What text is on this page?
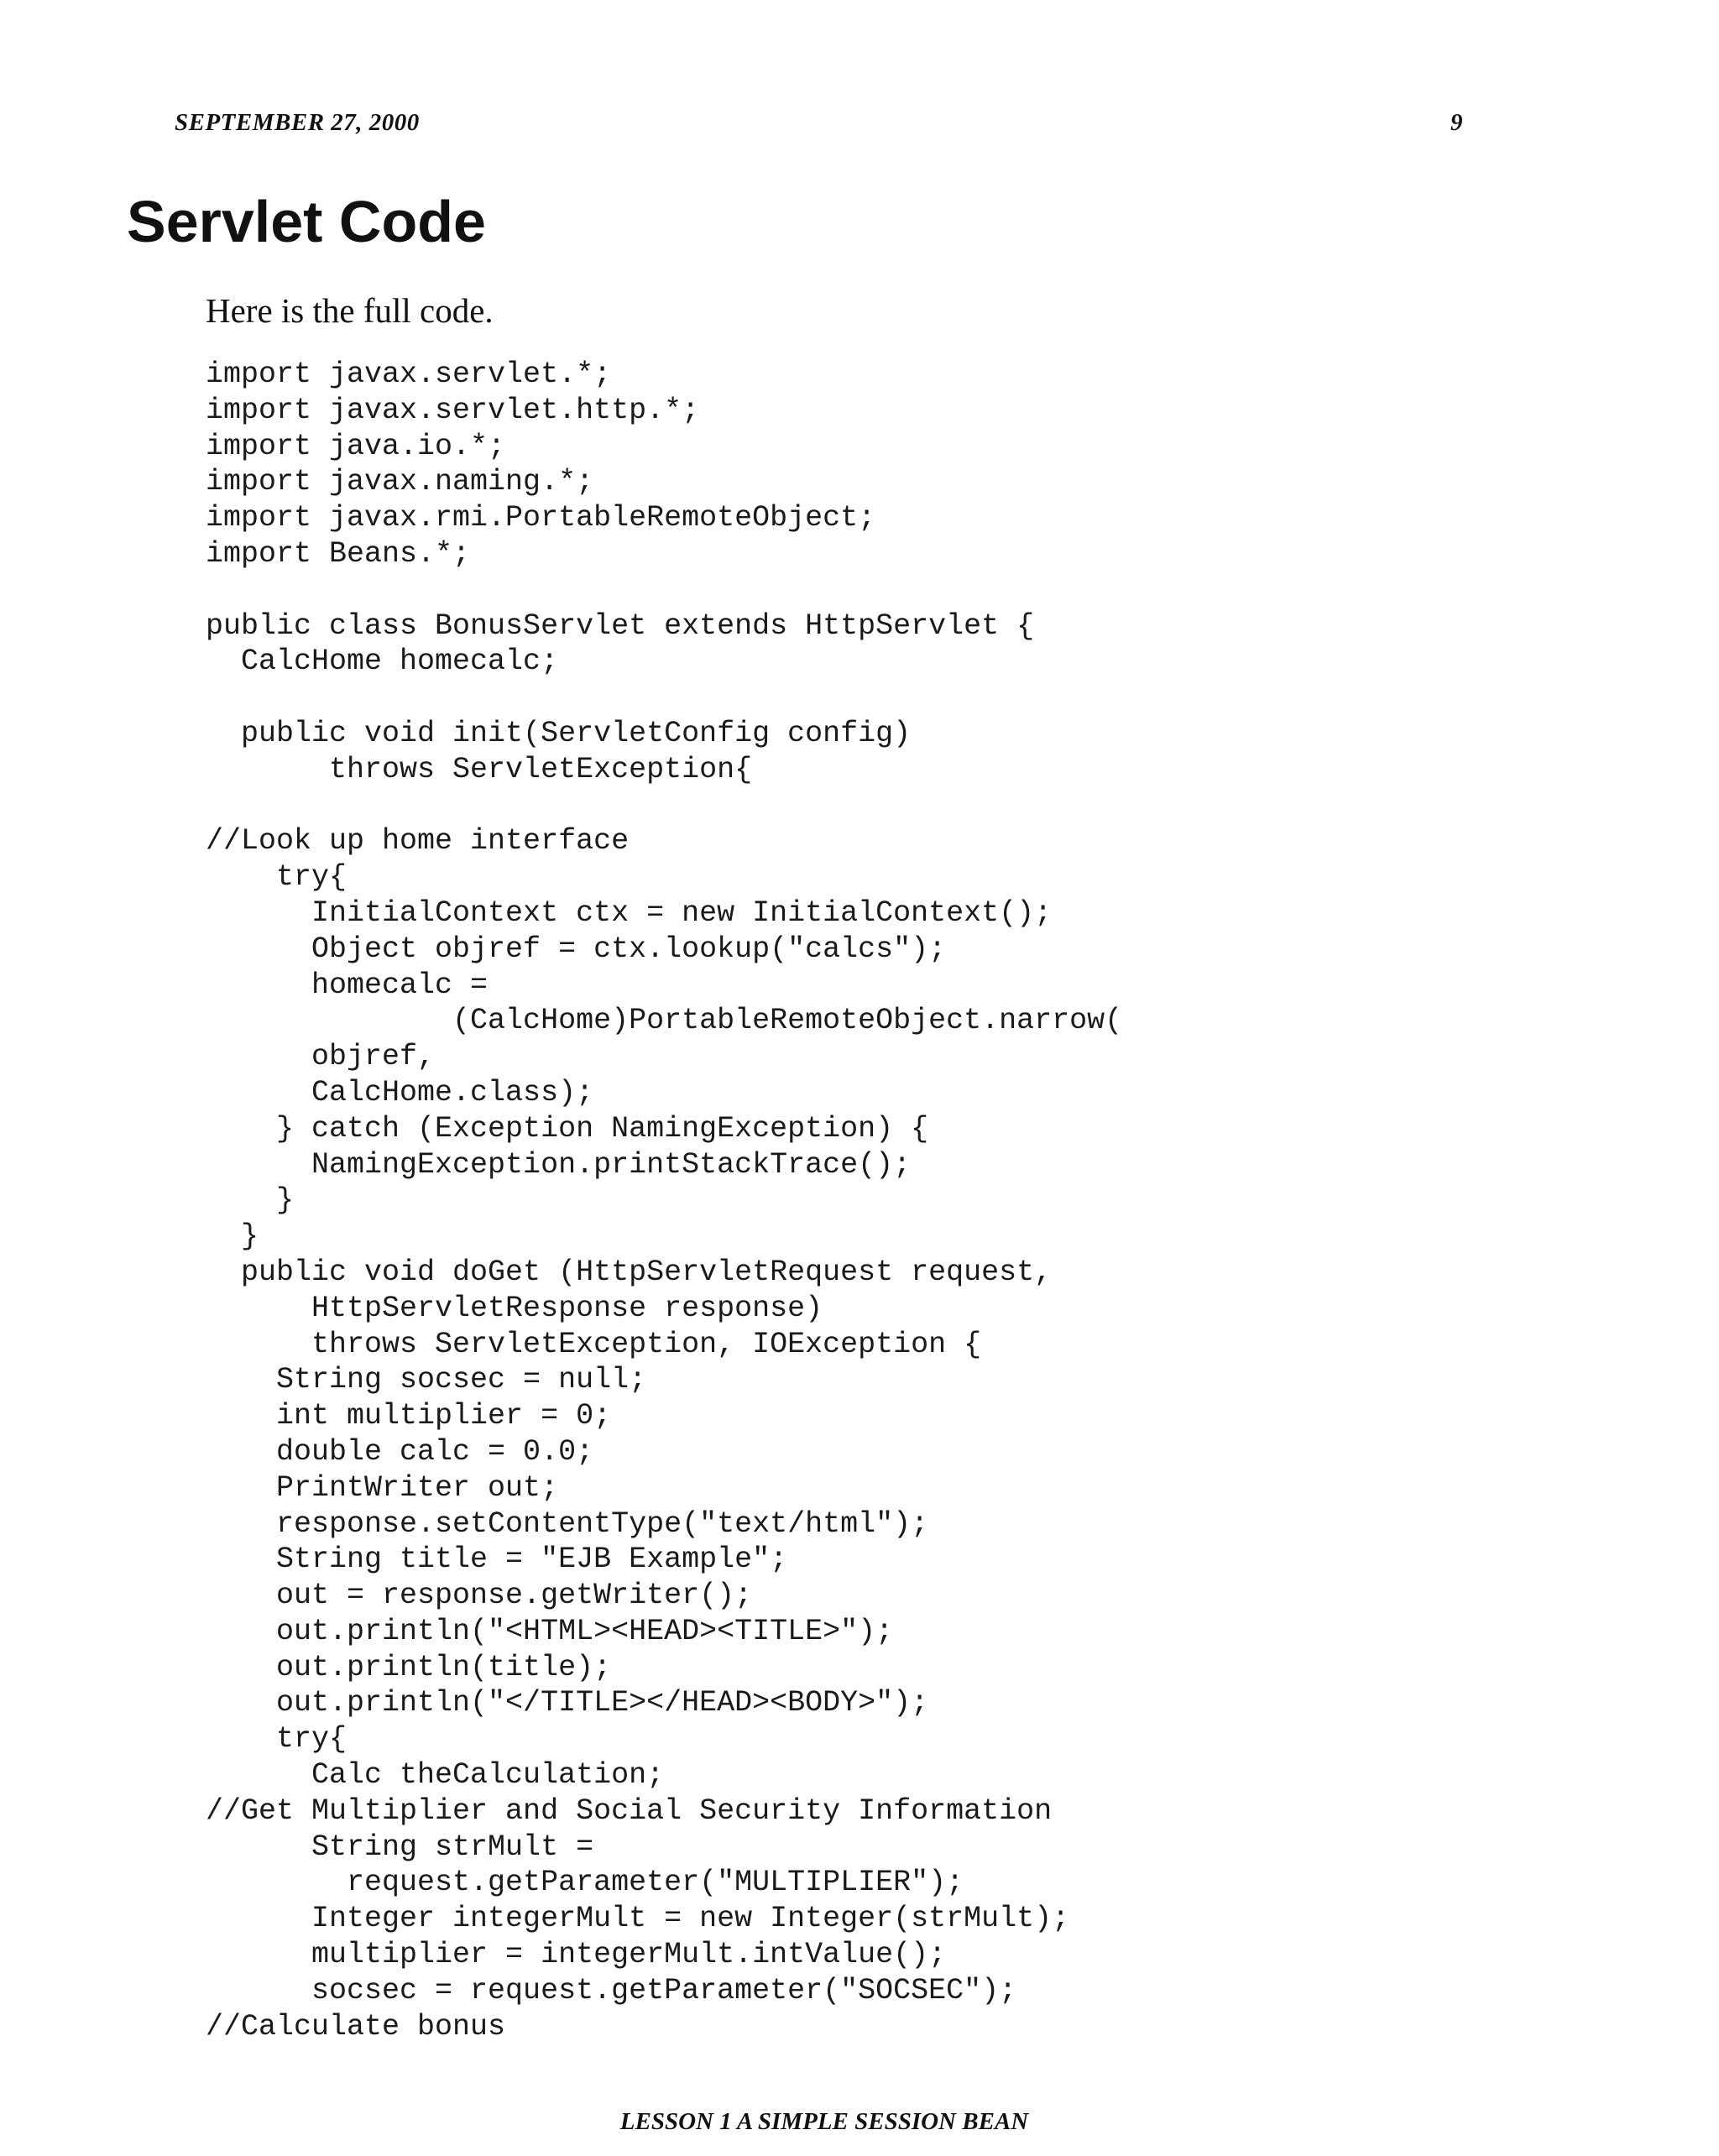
SEPTEMBER 27, 2000	9
Servlet Code

Here is the full code.

import javax.servlet.*;
import javax.servlet.http.*;
import java.io.*;
import javax.naming.*;
import javax.rmi.PortableRemoteObject;
import Beans.*;
public class BonusServlet extends HttpServlet {
CalcHome homecalc;
public void init(ServletConfig config)
throws ServletException{
//Look up home interface
try{
InitialContext ctx = new InitialContext();
Object objref = ctx.lookup("calcs");
homecalc =
(CalcHome)PortableRemoteObject.narrow(
objref,
CalcHome.class);
} catch (Exception NamingException) {
NamingException.printStackTrace();
}
}
public void doGet (HttpServletRequest request,
HttpServletResponse response)
throws ServletException, IOException {
String socsec = null;
int multiplier = 0;
double calc = 0.0;
PrintWriter out;
response.setContentType("text/html");
String title = "EJB Example";
out = response.getWriter();
out.println("<HTML><HEAD><TITLE>");
out.println(title);
out.println("</TITLE></HEAD><BODY>");
try{
Calc theCalculation;
//Get Multiplier and Social Security Information
String strMult =
request.getParameter("MULTIPLIER");
Integer integerMult = new Integer(strMult);
multiplier = integerMult.intValue();
socsec = request.getParameter("SOCSEC");
//Calculate bonus
LESSON 1 A SIMPLE SESSION BEAN
